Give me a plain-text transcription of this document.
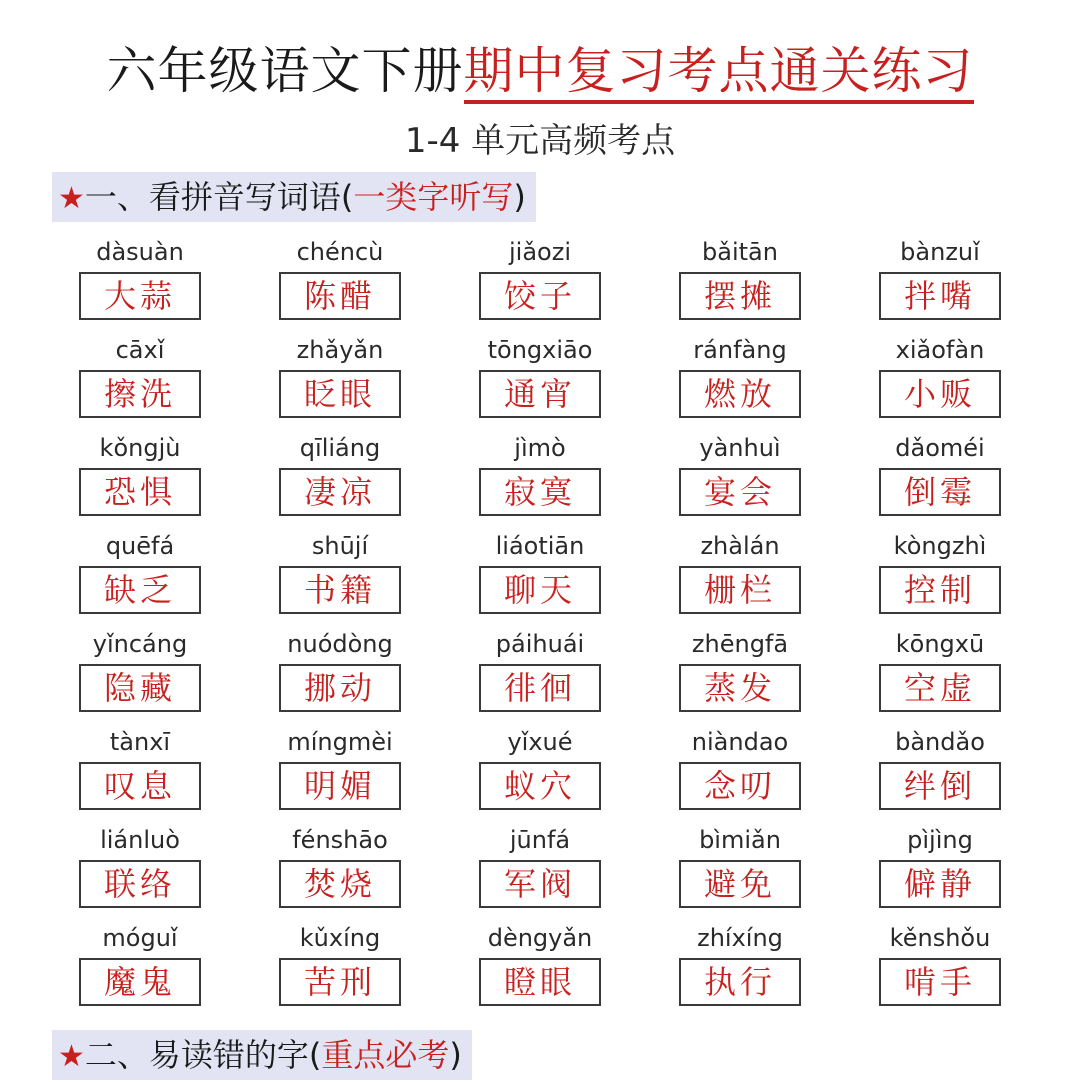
六年级语文下册期中复习考点通关练习
1-4 单元高频考点
★一、看拼音写词语(一类字听写)
dàsuàn
大蒜
chéncù
陈醋
jiǎozi
饺子
bǎitān
摆摊
bànzuǐ
拌嘴
cāxǐ
擦洗
zhǎyǎn
眨眼
tōngxiāo
通宵
ránfàng
燃放
xiǎofàn
小贩
kǒngjù
恐惧
qīliáng
凄凉
jìmò
寂寞
yànhuì
宴会
dǎoméi
倒霉
quēfá
缺乏
shūjí
书籍
liáotiān
聊天
zhàlán
栅栏
kòngzhì
控制
yǐncáng
隐藏
nuódòng
挪动
páihuái
徘徊
zhēngfā
蒸发
kōngxū
空虚
tànxī
叹息
míngmèi
明媚
yǐxué
蚁穴
niàndao
念叨
bàndǎo
绊倒
liánluò
联络
fénshāo
焚烧
jūnfá
军阀
bìmiǎn
避免
pìjìng
僻静
móguǐ
魔鬼
kǔxíng
苦刑
dèngyǎn
瞪眼
zhíxíng
执行
kěnshǒu
啃手
★二、易读错的字(重点必考)
